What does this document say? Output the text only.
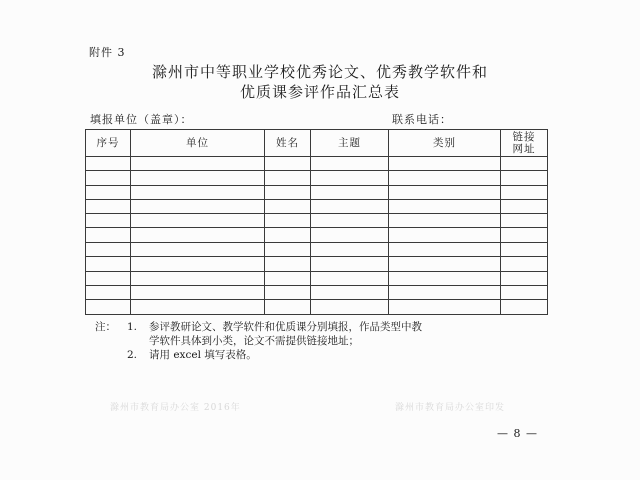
附件 3
滁州市中等职业学校优秀论文、优秀教学软件和
优质课参评作品汇总表
填报单位（盖章）：	联系电话：
序号	单位	姓名	主题	类别	链接
网址

注： 1. 参评教研论文、教学软件和优质课分别填报，作品类型中教
学软件具体到小类，论文不需提供链接地址；
2. 请用 excel 填写表格。
滁州市教育局办公室 2016年	滁州市教育局办公室印发
— 8 —
